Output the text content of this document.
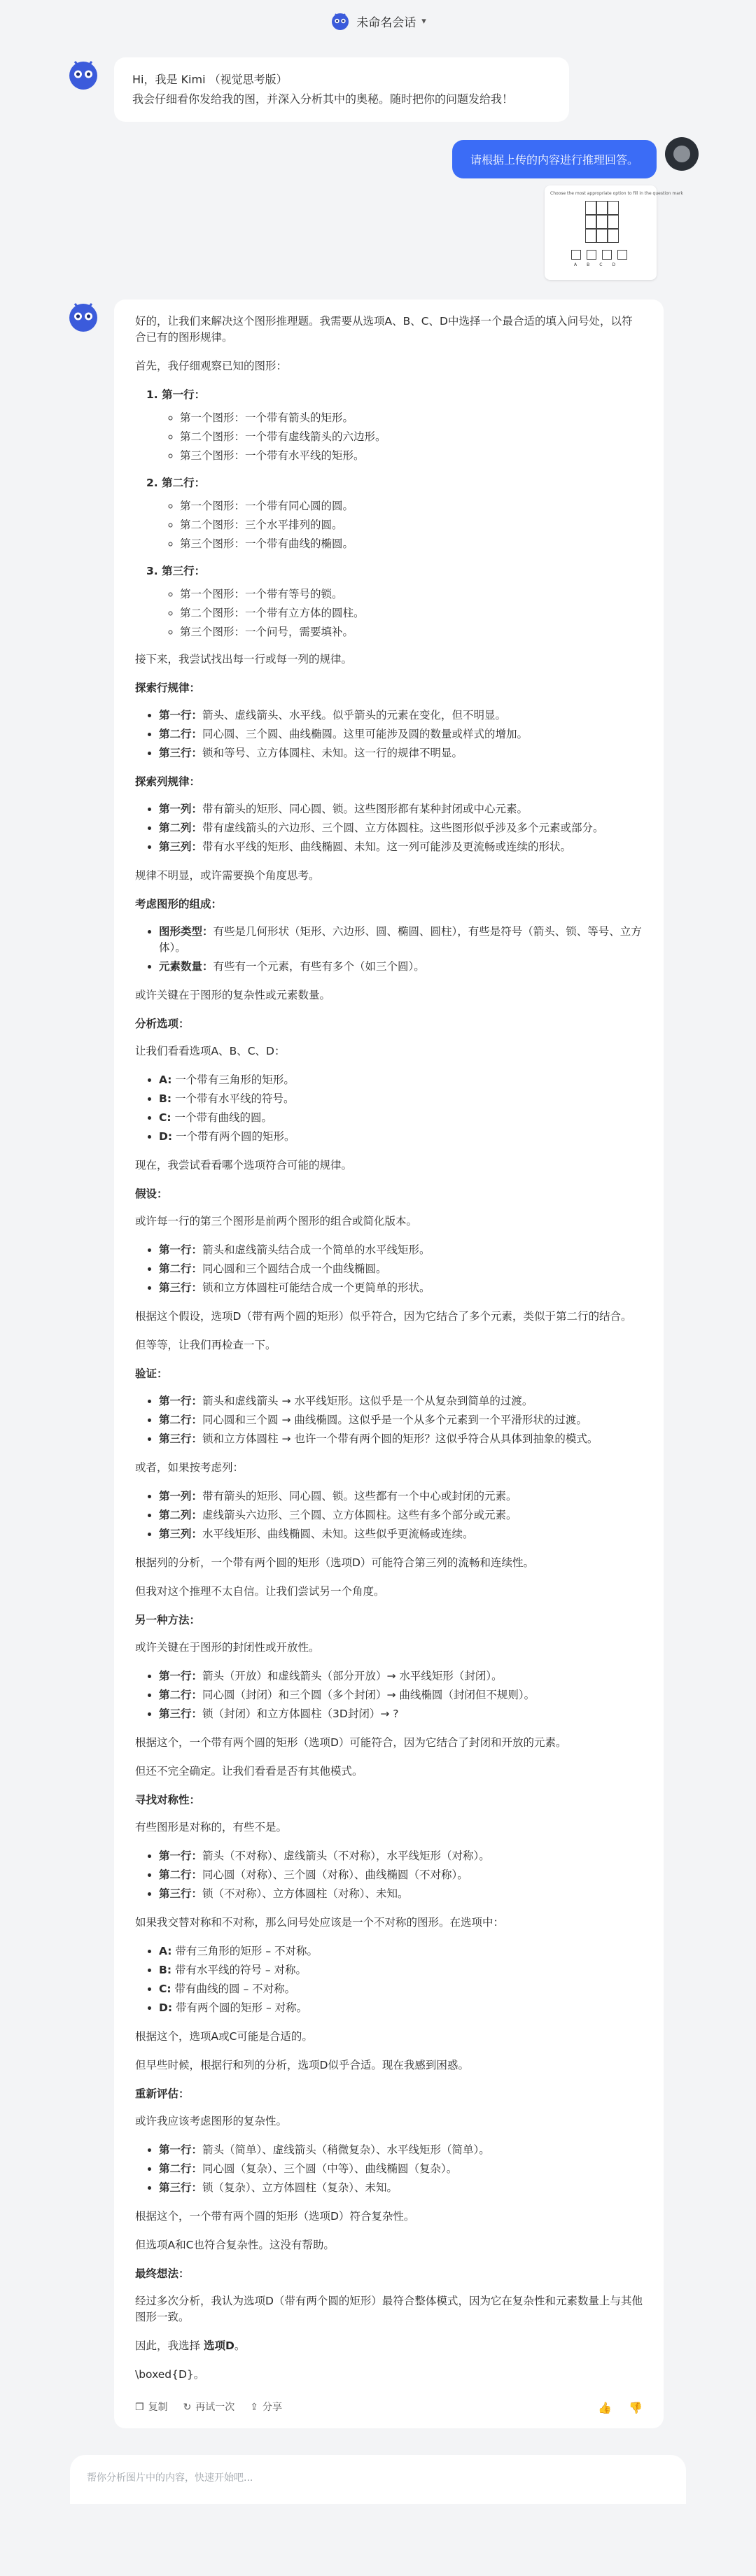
未命名会话 ▾
Hi，我是 Kimi （视觉思考版）
我会仔细看你发给我的图，并深入分析其中的奥秘。随时把你的问题发给我！
请根据上传的内容进行推理回答。
Choose the most appropriate option to fill in the question mark
A B C D

好的，让我们来解决这个图形推理题。我需要从选项A、B、C、D中选择一个最合适的填入问号处，以符合已有的图形规律。

首先，我仔细观察已知的图形：

1. 第一行：
◦ 第一个图形：一个带有箭头的矩形。
◦ 第二个图形：一个带有虚线箭头的六边形。
◦ 第三个图形：一个带有水平线的矩形。
2. 第二行：
◦ 第一个图形：一个带有同心圆的圆。
◦ 第二个图形：三个水平排列的圆。
◦ 第三个图形：一个带有曲线的椭圆。
3. 第三行：
◦ 第一个图形：一个带有等号的锁。
◦ 第二个图形：一个带有立方体的圆柱。
◦ 第三个图形：一个问号，需要填补。

接下来，我尝试找出每一行或每一列的规律。

探索行规律：
• 第一行：箭头、虚线箭头、水平线。似乎箭头的元素在变化，但不明显。
• 第二行：同心圆、三个圆、曲线椭圆。这里可能涉及圆的数量或样式的增加。
• 第三行：锁和等号、立方体圆柱、未知。这一行的规律不明显。
探索列规律：
• 第一列：带有箭头的矩形、同心圆、锁。这些图形都有某种封闭或中心元素。
• 第二列：带有虚线箭头的六边形、三个圆、立方体圆柱。这些图形似乎涉及多个元素或部分。
• 第三列：带有水平线的矩形、曲线椭圆、未知。这一列可能涉及更流畅或连续的形状。

规律不明显，或许需要换个角度思考。

考虑图形的组成：
• 图形类型：有些是几何形状（矩形、六边形、圆、椭圆、圆柱），有些是符号（箭头、锁、等号、立方体）。
• 元素数量：有些有一个元素，有些有多个（如三个圆）。

或许关键在于图形的复杂性或元素数量。

分析选项：

让我们看看选项A、B、C、D：

• A: 一个带有三角形的矩形。
• B: 一个带有水平线的符号。
• C: 一个带有曲线的圆。
• D: 一个带有两个圆的矩形。

现在，我尝试看看哪个选项符合可能的规律。

假设：

或许每一行的第三个图形是前两个图形的组合或简化版本。

• 第一行：箭头和虚线箭头结合成一个简单的水平线矩形。
• 第二行：同心圆和三个圆结合成一个曲线椭圆。
• 第三行：锁和立方体圆柱可能结合成一个更简单的形状。

根据这个假设，选项D（带有两个圆的矩形）似乎符合，因为它结合了多个元素，类似于第二行的结合。

但等等，让我们再检查一下。

验证：
• 第一行：箭头和虚线箭头 → 水平线矩形。这似乎是一个从复杂到简单的过渡。
• 第二行：同心圆和三个圆 → 曲线椭圆。这似乎是一个从多个元素到一个平滑形状的过渡。
• 第三行：锁和立方体圆柱 → 也许一个带有两个圆的矩形？这似乎符合从具体到抽象的模式。

或者，如果按考虑列：

• 第一列：带有箭头的矩形、同心圆、锁。这些都有一个中心或封闭的元素。
• 第二列：虚线箭头六边形、三个圆、立方体圆柱。这些有多个部分或元素。
• 第三列：水平线矩形、曲线椭圆、未知。这些似乎更流畅或连续。

根据列的分析，一个带有两个圆的矩形（选项D）可能符合第三列的流畅和连续性。

但我对这个推理不太自信。让我们尝试另一个角度。

另一种方法：

或许关键在于图形的封闭性或开放性。

• 第一行：箭头（开放）和虚线箭头（部分开放）→ 水平线矩形（封闭）。
• 第二行：同心圆（封闭）和三个圆（多个封闭）→ 曲线椭圆（封闭但不规则）。
• 第三行：锁（封闭）和立方体圆柱（3D封闭）→ ?

根据这个，一个带有两个圆的矩形（选项D）可能符合，因为它结合了封闭和开放的元素。

但还不完全确定。让我们看看是否有其他模式。

寻找对称性：

有些图形是对称的，有些不是。

• 第一行：箭头（不对称）、虚线箭头（不对称），水平线矩形（对称）。
• 第二行：同心圆（对称）、三个圆（对称）、曲线椭圆（不对称）。
• 第三行：锁（不对称）、立方体圆柱（对称）、未知。

如果我交替对称和不对称，那么问号处应该是一个不对称的图形。在选项中：

• A: 带有三角形的矩形 – 不对称。
• B: 带有水平线的符号 – 对称。
• C: 带有曲线的圆 – 不对称。
• D: 带有两个圆的矩形 – 对称。

根据这个，选项A或C可能是合适的。

但早些时候，根据行和列的分析，选项D似乎合适。现在我感到困惑。

重新评估：

或许我应该考虑图形的复杂性。

• 第一行：箭头（简单）、虚线箭头（稍微复杂）、水平线矩形（简单）。
• 第二行：同心圆（复杂）、三个圆（中等）、曲线椭圆（复杂）。
• 第三行：锁（复杂）、立方体圆柱（复杂）、未知。

根据这个，一个带有两个圆的矩形（选项D）符合复杂性。

但选项A和C也符合复杂性。这没有帮助。

最终想法：

经过多次分析，我认为选项D（带有两个圆的矩形）最符合整体模式，因为它在复杂性和元素数量上与其他图形一致。

因此，我选择 选项D。

\boxed{D}。

❐ 复制 ↻ 再试一次 ⇪ 分享	👍 👎
帮你分析图片中的内容，快速开始吧...
